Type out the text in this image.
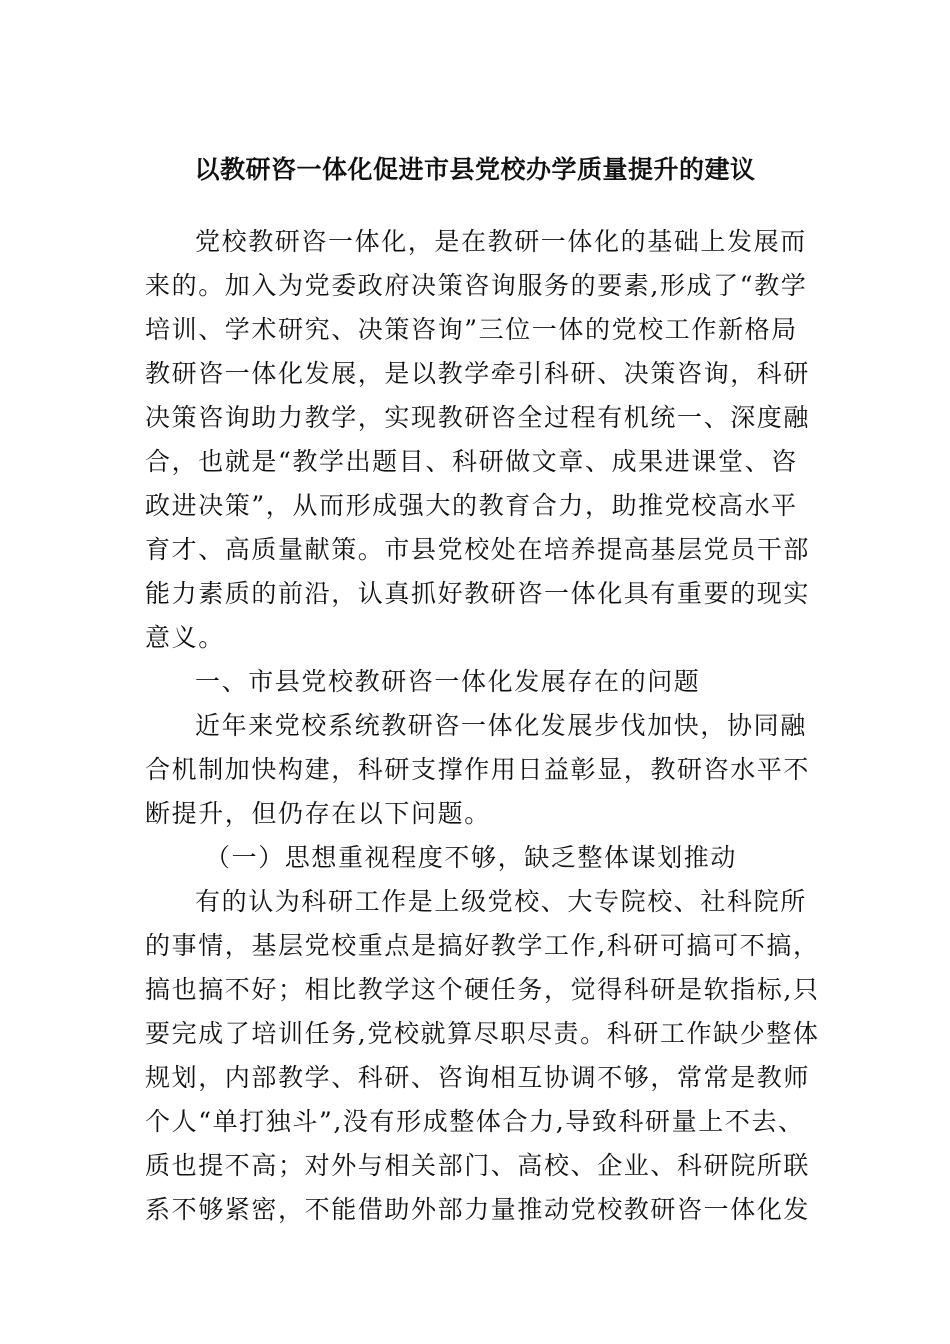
以教研咨一体化促进市县党校办学质量提升的建议
党校教研咨一体化，是在教研一体化的基础上发展而
来的。加入为党委政府决策咨询服务的要素,形成了“教学
培训、学术研究、决策咨询”三位一体的党校工作新格局
教研咨一体化发展，是以教学牵引科研、决策咨询，科研
决策咨询助力教学，实现教研咨全过程有机统一、深度融
合，也就是“教学出题目、科研做文章、成果进课堂、咨
政进决策”，从而形成强大的教育合力，助推党校高水平
育才、高质量献策。市县党校处在培养提高基层党员干部
能力素质的前沿，认真抓好教研咨一体化具有重要的现实
意义。
一、市县党校教研咨一体化发展存在的问题
近年来党校系统教研咨一体化发展步伐加快，协同融
合机制加快构建，科研支撑作用日益彰显，教研咨水平不
断提升，但仍存在以下问题。
（一）思想重视程度不够，缺乏整体谋划推动
有的认为科研工作是上级党校、大专院校、社科院所
的事情，基层党校重点是搞好教学工作,科研可搞可不搞，
搞也搞不好；相比教学这个硬任务，觉得科研是软指标,只
要完成了培训任务,党校就算尽职尽责。科研工作缺少整体
规划，内部教学、科研、咨询相互协调不够，常常是教师
个人“单打独斗”,没有形成整体合力,导致科研量上不去、
质也提不高；对外与相关部门、高校、企业、科研院所联
系不够紧密，不能借助外部力量推动党校教研咨一体化发
